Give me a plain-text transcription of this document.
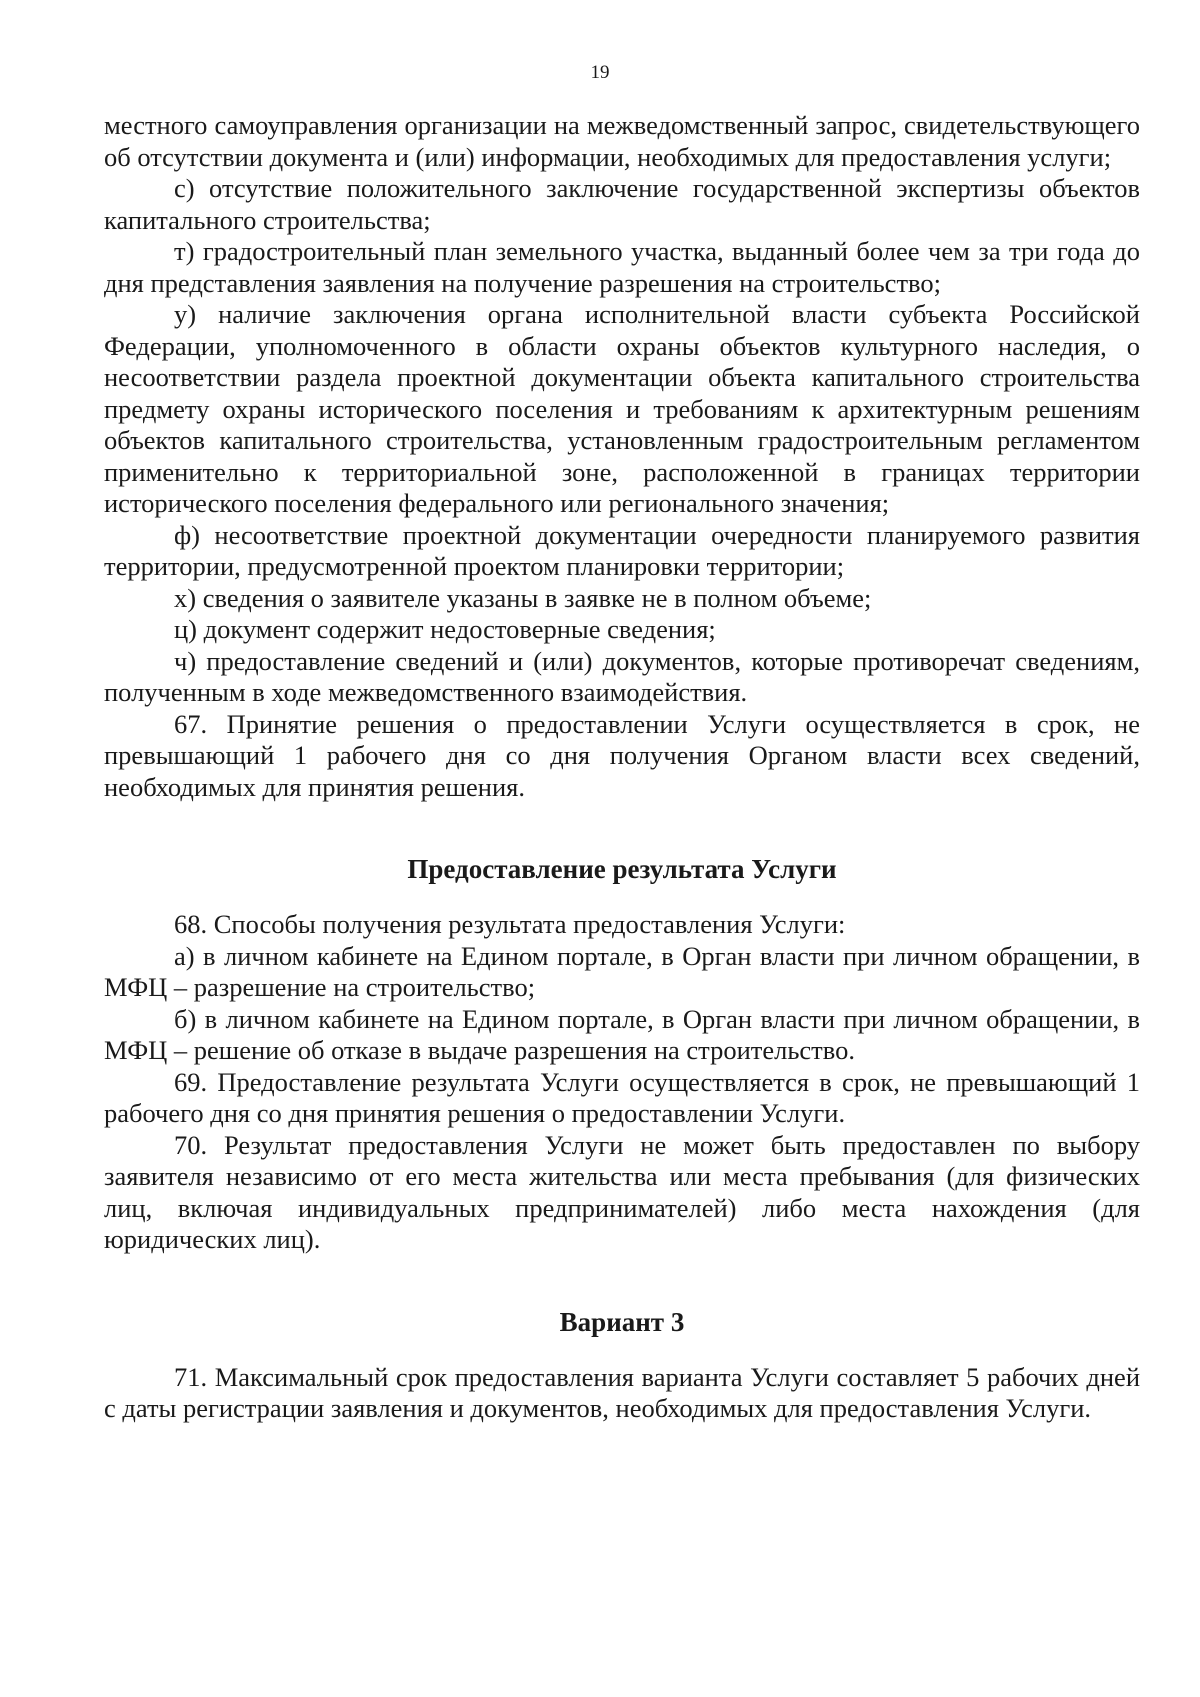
19

местного самоуправления организации на межведомственный запрос, свидетельствующего об отсутствии документа и (или) информации, необходимых для предоставления услуги;

с) отсутствие положительного заключение государственной экспертизы объектов капитального строительства;

т) градостроительный план земельного участка, выданный более чем за три года до дня представления заявления на получение разрешения на строительство;

у) наличие заключения органа исполнительной власти субъекта Российской Федерации, уполномоченного в области охраны объектов культурного наследия, о несоответствии раздела проектной документации объекта капитального строительства предмету охраны исторического поселения и требованиям к архитектурным решениям объектов капитального строительства, установленным градостроительным регламентом применительно к территориальной зоне, расположенной в границах территории исторического поселения федерального или регионального значения;

ф) несоответствие проектной документации очередности планируемого развития территории, предусмотренной проектом планировки территории;

х) сведения о заявителе указаны в заявке не в полном объеме;

ц) документ содержит недостоверные сведения;

ч) предоставление сведений и (или) документов, которые противоречат сведениям, полученным в ходе межведомственного взаимодействия.

67. Принятие решения о предоставлении Услуги осуществляется в срок, не превышающий 1 рабочего дня со дня получения Органом власти всех сведений, необходимых для принятия решения.

Предоставление результата Услуги

68. Способы получения результата предоставления Услуги:

а) в личном кабинете на Едином портале, в Орган власти при личном обращении, в МФЦ – разрешение на строительство;

б) в личном кабинете на Едином портале, в Орган власти при личном обращении, в МФЦ – решение об отказе в выдаче разрешения на строительство.

69. Предоставление результата Услуги осуществляется в срок, не превышающий 1 рабочего дня со дня принятия решения о предоставлении Услуги.

70. Результат предоставления Услуги не может быть предоставлен по выбору заявителя независимо от его места жительства или места пребывания (для физических лиц, включая индивидуальных предпринимателей) либо места нахождения (для юридических лиц).

Вариант 3

71. Максимальный срок предоставления варианта Услуги составляет 5 рабочих дней с даты регистрации заявления и документов, необходимых для предоставления Услуги.
